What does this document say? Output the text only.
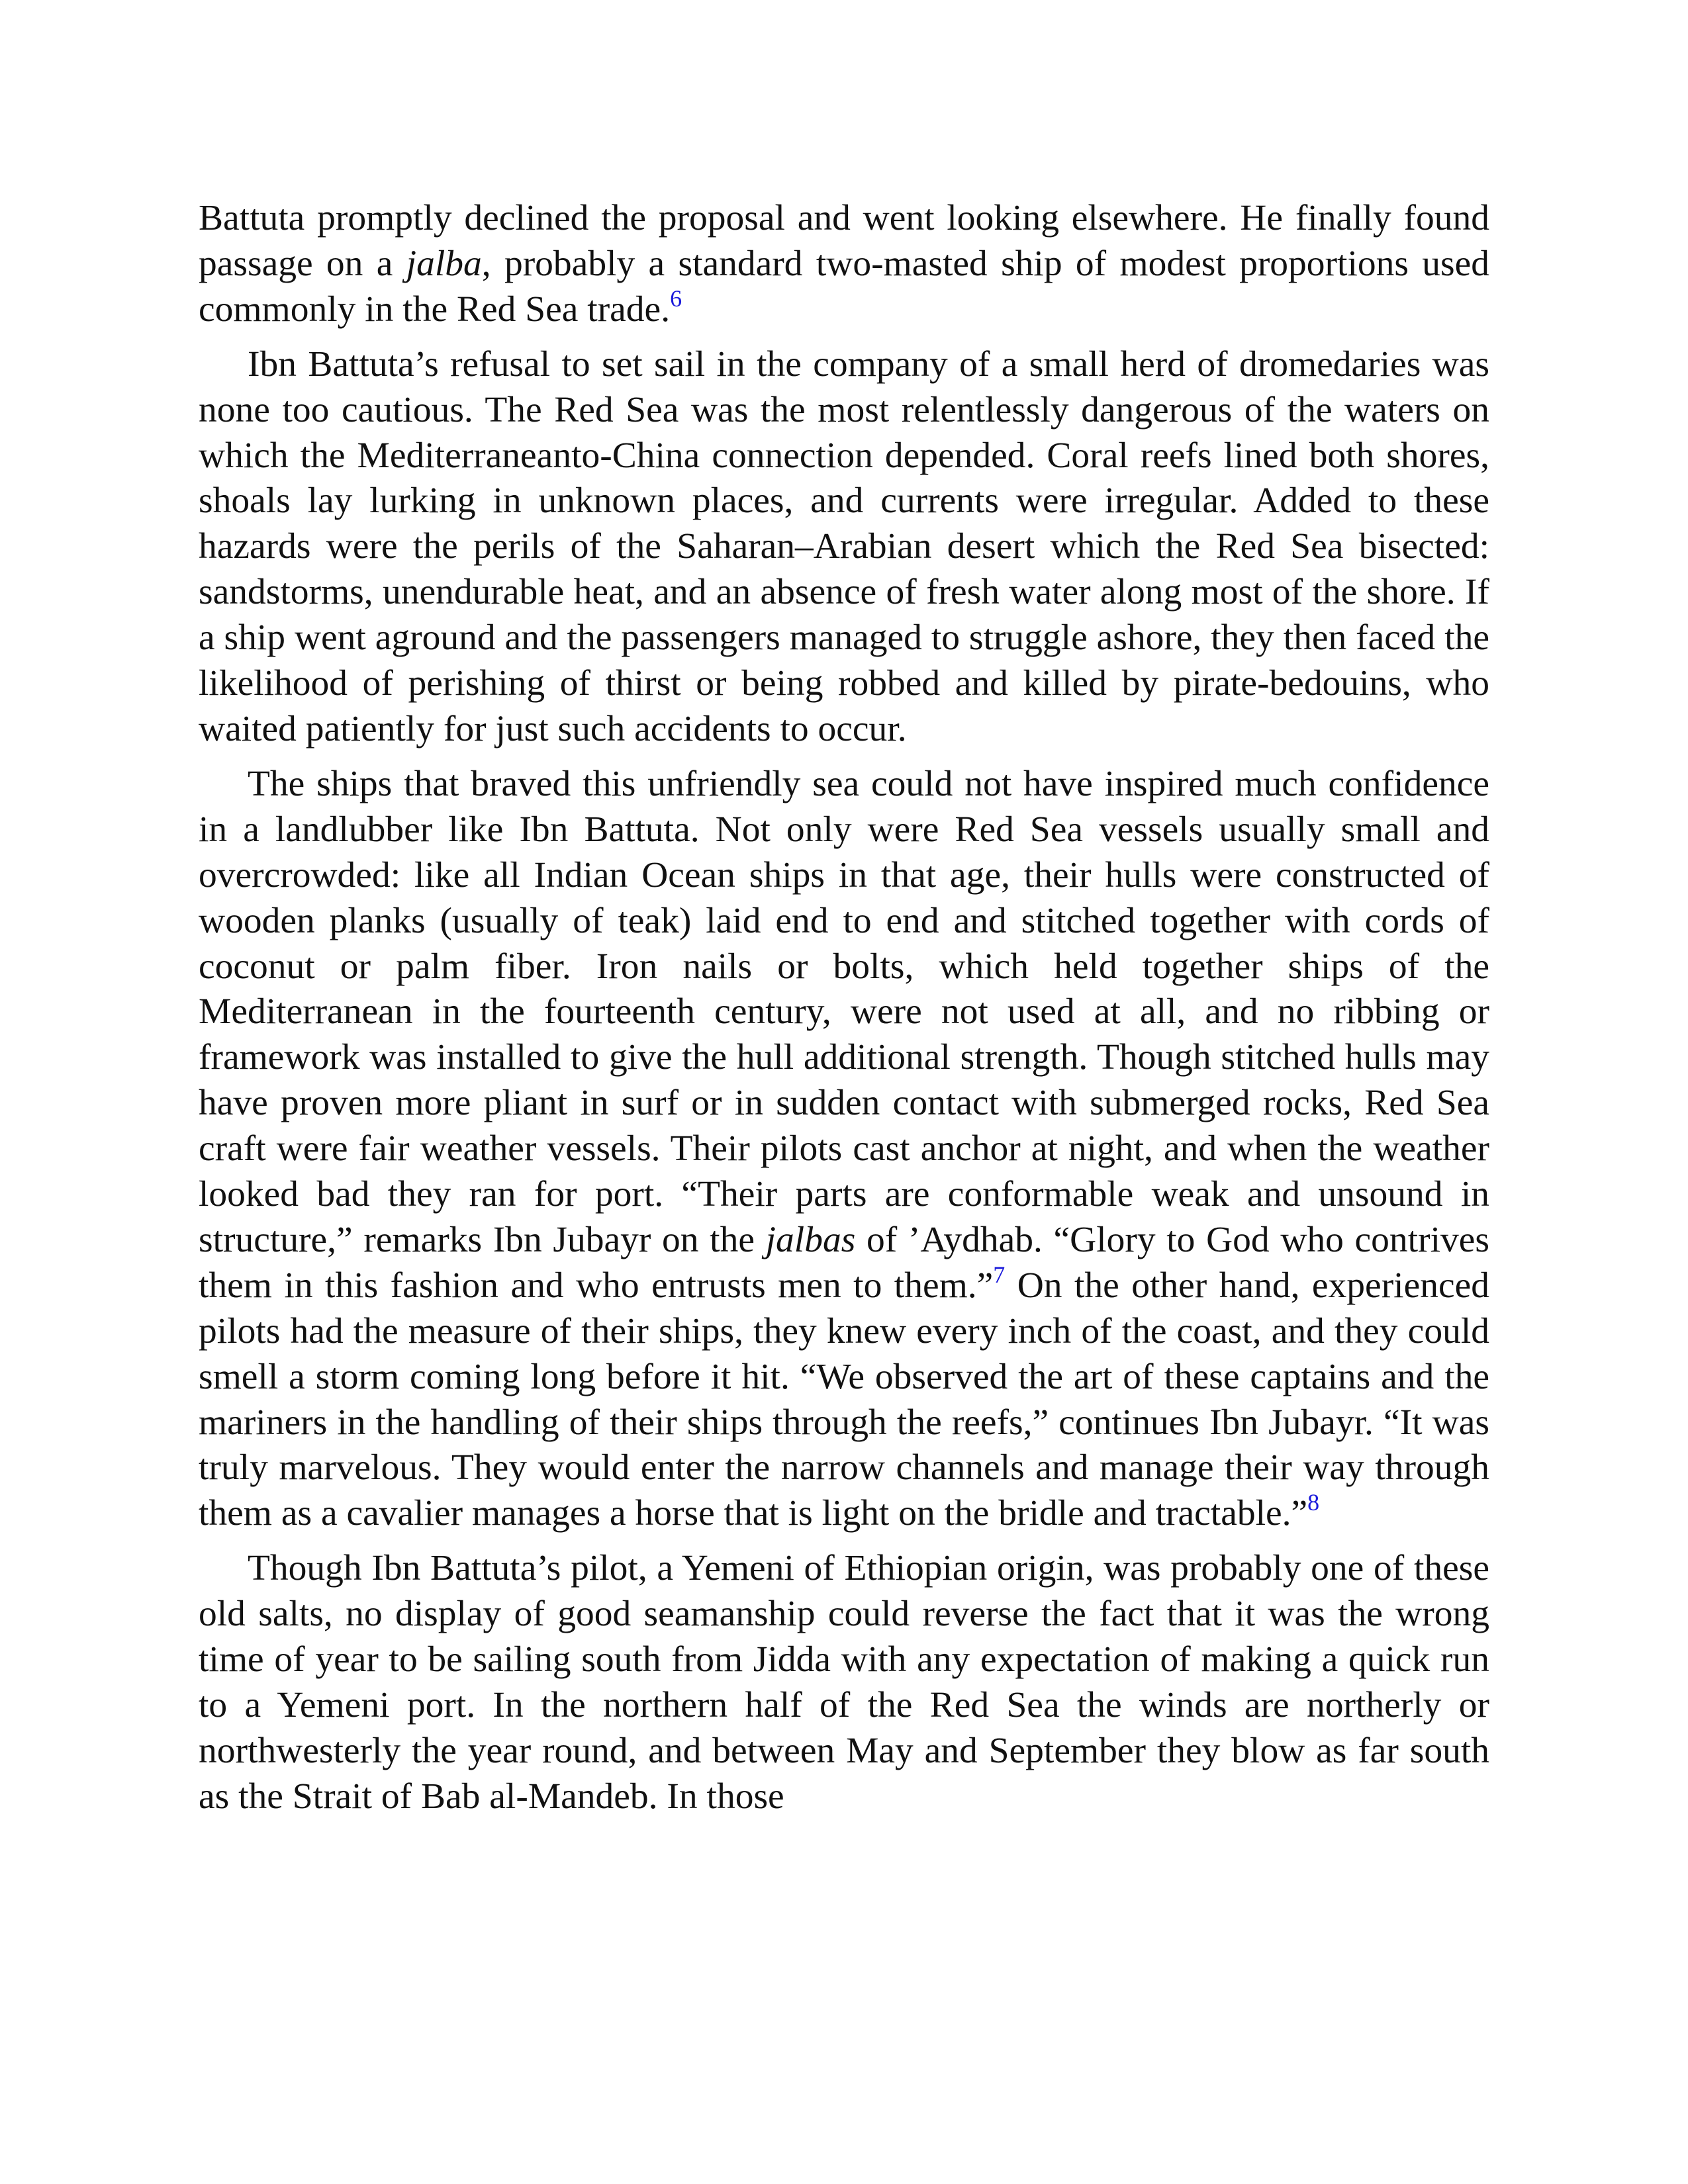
Battuta promptly declined the proposal and went looking elsewhere. He finally found passage on a jalba, probably a standard two-masted ship of modest proportions used commonly in the Red Sea trade.$^6$

Ibn Battuta’s refusal to set sail in the company of a small herd of dromedaries was none too cautious. The Red Sea was the most relentlessly dangerous of the waters on which the Mediterraneanto-China connection depended. Coral reefs lined both shores, shoals lay lurking in unknown places, and currents were irregular. Added to these hazards were the perils of the Saharan–Arabian desert which the Red Sea bisected: sandstorms, unendurable heat, and an absence of fresh water along most of the shore. If a ship went aground and the passengers managed to struggle ashore, they then faced the likelihood of perishing of thirst or being robbed and killed by pirate-bedouins, who waited patiently for just such accidents to occur.

The ships that braved this unfriendly sea could not have inspired much confidence in a landlubber like Ibn Battuta. Not only were Red Sea vessels usually small and overcrowded: like all Indian Ocean ships in that age, their hulls were constructed of wooden planks (usually of teak) laid end to end and stitched together with cords of coconut or palm fiber. Iron nails or bolts, which held together ships of the Mediterranean in the fourteenth century, were not used at all, and no ribbing or framework was installed to give the hull additional strength. Though stitched hulls may have proven more pliant in surf or in sudden contact with submerged rocks, Red Sea craft were fair weather vessels. Their pilots cast anchor at night, and when the weather looked bad they ran for port. “Their parts are conformable weak and unsound in structure,” remarks Ibn Jubayr on the jalbas of ’Aydhab. “Glory to God who contrives them in this fashion and who entrusts men to them.”$^7$ On the other hand, experienced pilots had the measure of their ships, they knew every inch of the coast, and they could smell a storm coming long before it hit. “We observed the art of these captains and the mariners in the handling of their ships through the reefs,” continues Ibn Jubayr. “It was truly marvelous. They would enter the narrow channels and manage their way through them as a cavalier manages a horse that is light on the bridle and tractable.”$^8$

Though Ibn Battuta’s pilot, a Yemeni of Ethiopian origin, was probably one of these old salts, no display of good seamanship could reverse the fact that it was the wrong time of year to be sailing south from Jidda with any expectation of making a quick run to a Yemeni port. In the northern half of the Red Sea the winds are northerly or northwesterly the year round, and between May and September they blow as far south as the Strait of Bab al-Mandeb. In those
